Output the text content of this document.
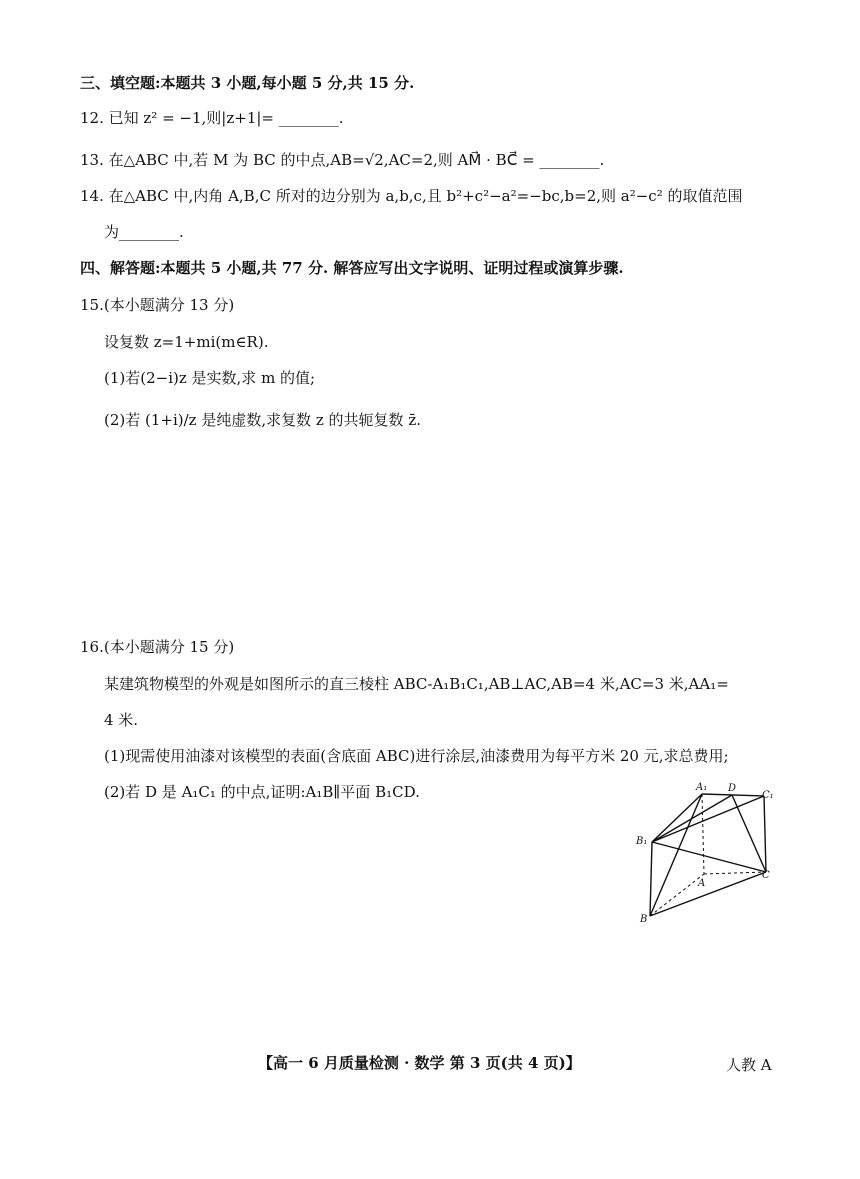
三、填空题:本题共 3 小题,每小题 5 分,共 15 分.
12. 已知 z² = −1,则|z+1|= ________.
13. 在△ABC 中,若 M 为 BC 的中点,AB=√2,AC=2,则 AM⃗ · BC⃗ = ________.
14. 在△ABC 中,内角 A,B,C 所对的边分别为 a,b,c,且 b²+c²−a²=−bc,b=2,则 a²−c² 的取值范围
为________.
四、解答题:本题共 5 小题,共 77 分. 解答应写出文字说明、证明过程或演算步骤.
15.(本小题满分 13 分)
设复数 z=1+mi(m∈R).
(1)若(2−i)z 是实数,求 m 的值;
(2)若 (1+i)/z 是纯虚数,求复数 z 的共轭复数 z̄.
16.(本小题满分 15 分)
某建筑物模型的外观是如图所示的直三棱柱 ABC-A₁B₁C₁,AB⊥AC,AB=4 米,AC=3 米,AA₁=
4 米.
(1)现需使用油漆对该模型的表面(含底面 ABC)进行涂层,油漆费用为每平方米 20 元,求总费用;
(2)若 D 是 A₁C₁ 的中点,证明:A₁B∥平面 B₁CD.	A₁ D
C₁
B₁
A
C
B
【高一 6 月质量检测 · 数学 第 3 页(共 4 页)】	人教 A
